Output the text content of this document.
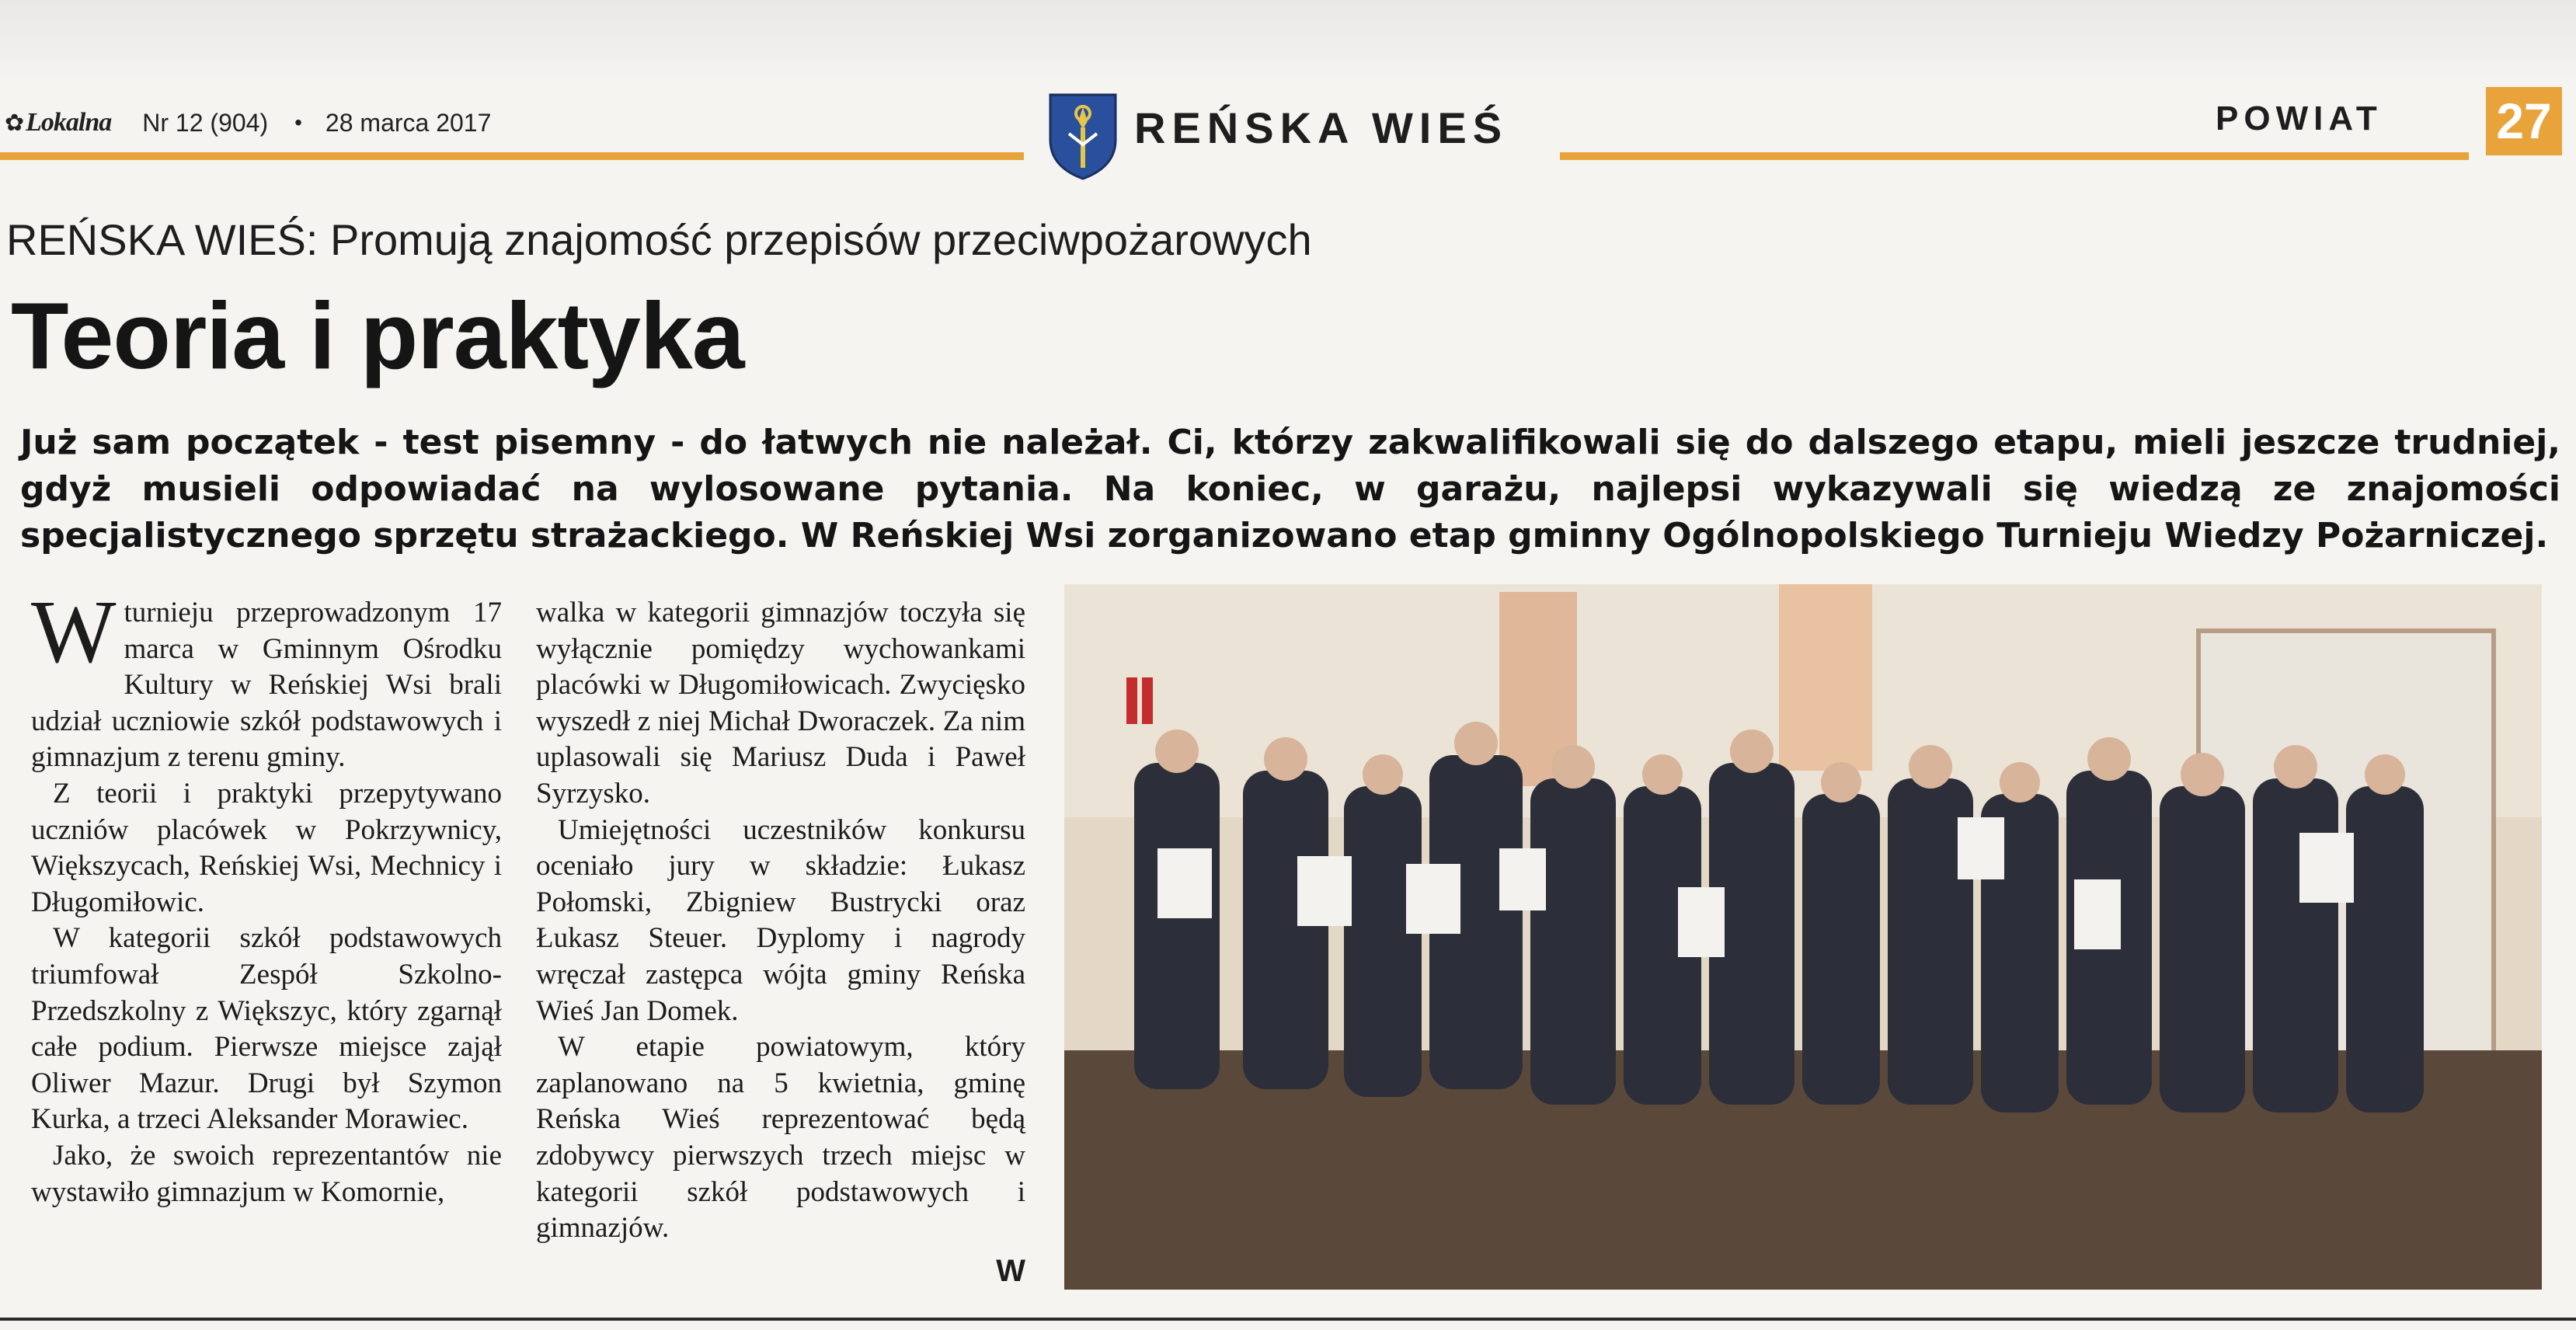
✿ Lokalna Nr 12 (904) • 28 marca 2017	REŃSKA WIEŚ	POWIAT 27
REŃSKA WIEŚ: Promują znajomość przepisów przeciwpożarowych
Teoria i praktyka

Już sam początek - test pisemny - do łatwych nie należał. Ci, którzy zakwalifikowali się do dalszego etapu, mieli jeszcze trudniej, gdyż musieli odpowiadać na wylosowane pytania. Na koniec, w garażu, najlepsi wykazywali się wiedzą ze znajomości specjalistycznego sprzętu strażackiego. W Reńskiej Wsi zorganizowano etap gminny Ogólnopolskiego Turnieju Wiedzy Pożarniczej.

Wturnieju przeprowadzonym 17 marca w Gminnym Ośrodku Kultury w Reńskiej Wsi brali udział uczniowie szkół podstawowych i gimnazjum z terenu gminy.

Z teorii i praktyki przepytywano uczniów placówek w Pokrzywnicy, Większycach, Reńskiej Wsi, Mechnicy i Długomiłowic.

W kategorii szkół podstawowych triumfował Zespół Szkolno-Przedszkolny z Większyc, który zgarnął całe podium. Pierwsze miejsce zajął Oliwer Mazur. Drugi był Szymon Kurka, a trzeci Aleksander Morawiec.

Jako, że swoich reprezentantów nie wystawiło gimnazjum w Komornie,

walka w kategorii gimnazjów toczyła się wyłącznie pomiędzy wychowankami placówki w Długomiłowicach. Zwycięsko wyszedł z niej Michał Dworaczek. Za nim uplasowali się Mariusz Duda i Paweł Syrzysko.

Umiejętności uczestników konkursu oceniało jury w składzie: Łukasz Połomski, Zbigniew Bustrycki oraz Łukasz Steuer. Dyplomy i nagrody wręczał zastępca wójta gminy Reńska Wieś Jan Domek.

W etapie powiatowym, który zaplanowano na 5 kwietnia, gminę Reńska Wieś reprezentować będą zdobywcy pierwszych trzech miejsc w kategorii szkół podstawowych i gimnazjów.

W
